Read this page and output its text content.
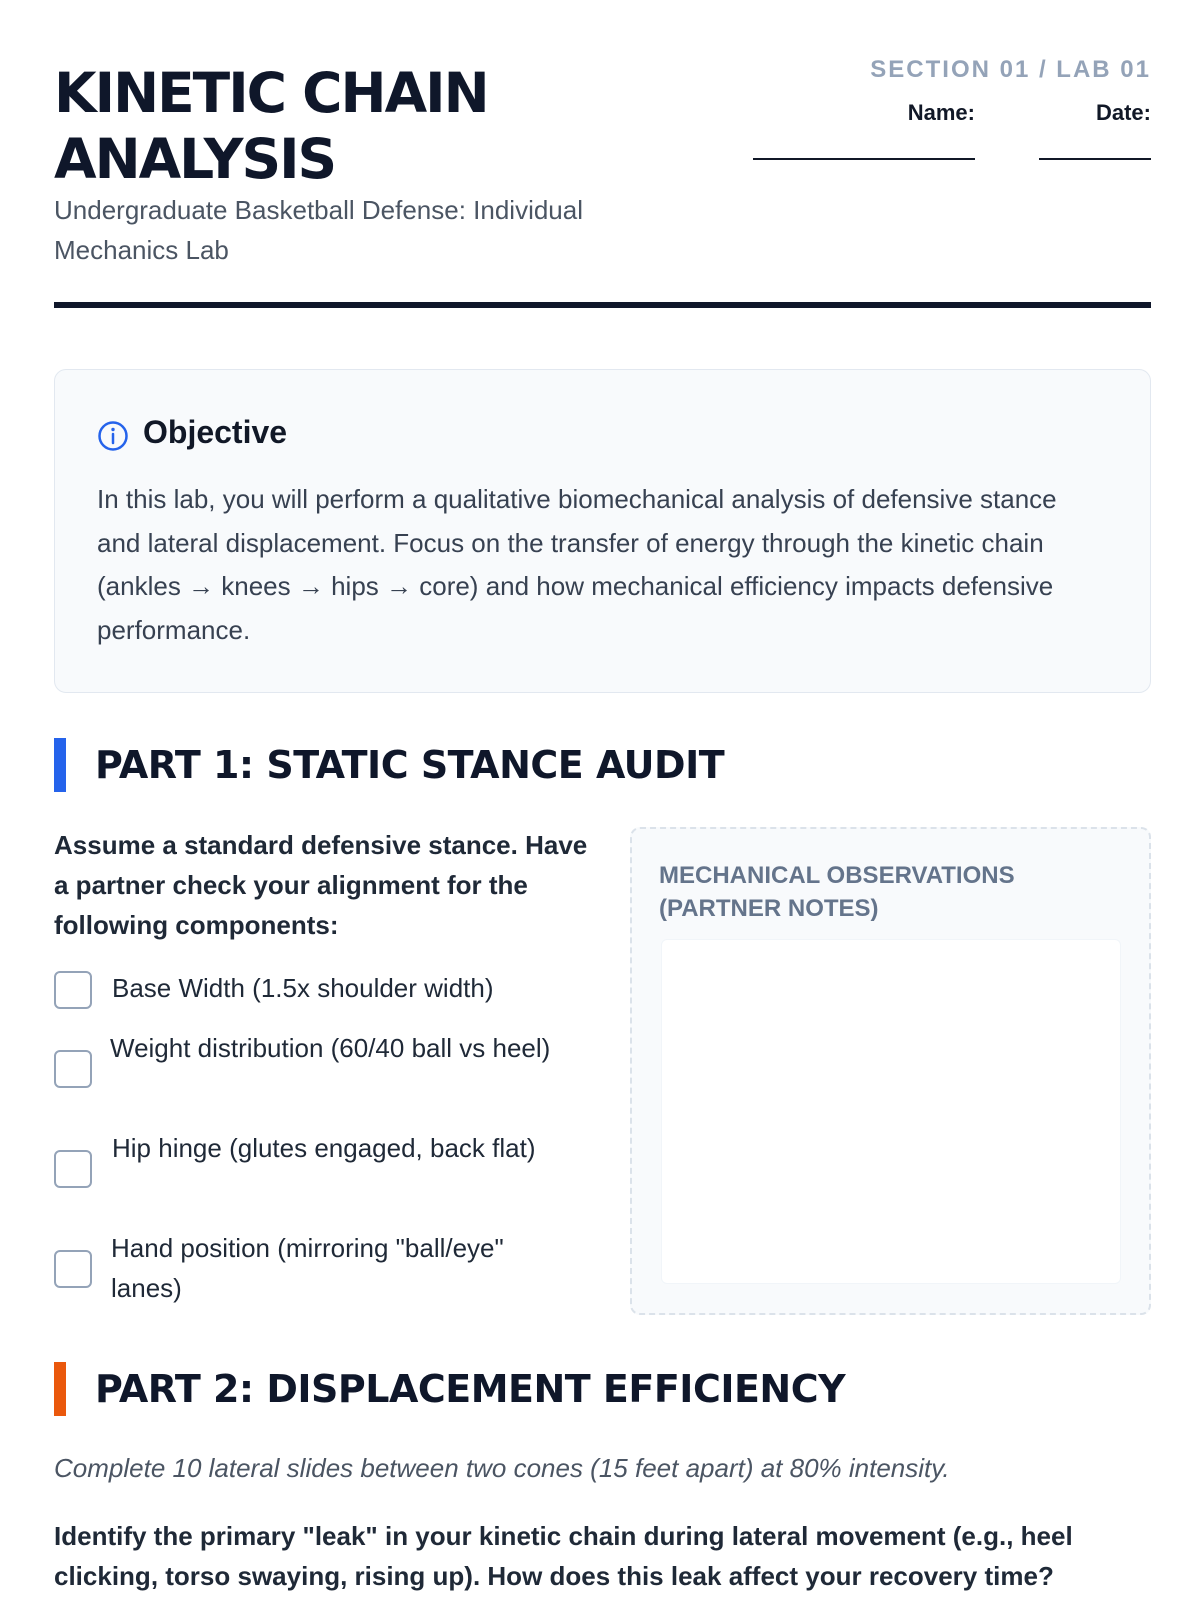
KINETIC CHAIN
ANALYSIS
Undergraduate Basketball Defense: Individual Mechanics Lab
SECTION 01 / LAB 01
Name:	Date:
Objective
In this lab, you will perform a qualitative biomechanical analysis of defensive stance and lateral displacement. Focus on the transfer of energy through the kinetic chain (ankles → knees → hips → core) and how mechanical efficiency impacts defensive performance.
PART 1: STATIC STANCE AUDIT
Assume a standard defensive stance. Have a partner check your alignment for the following components:
Base Width (1.5x shoulder width)
Weight distribution (60/40 ball vs heel)
Hip hinge (glutes engaged, back flat)
Hand position (mirroring "ball/eye" lanes)
MECHANICAL OBSERVATIONS (PARTNER NOTES)
PART 2: DISPLACEMENT EFFICIENCY
Complete 10 lateral slides between two cones (15 feet apart) at 80% intensity.
Identify the primary "leak" in your kinetic chain during lateral movement (e.g., heel clicking, torso swaying, rising up). How does this leak affect your recovery time?
